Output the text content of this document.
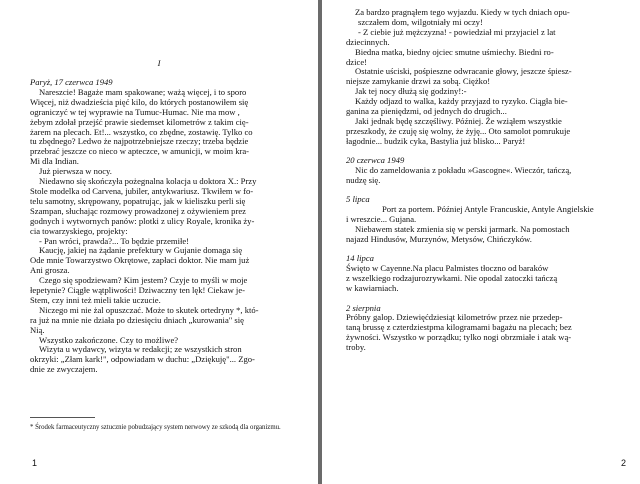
I

Paryż, 17 czerwca 1949

Nareszcie! Bagaże mam spakowane; ważą więcej, i to sporo

Więcej, niż dwadzieścia pięć kilo, do których postanowiłem się

ograniczyć w tej wyprawie na Tumuc-Humac. Nie ma mow ,

żebym zdołał przejść prawie siedemset kilometrów z takim cię-

żarem na plecach. Et!... wszystko, co zbędne, zostawię. Tylko co

tu zbędnego? Ledwo że najpotrzebniejsze rzeczy; trzeba będzie

przebrać jeszcze co nieco w apteczce, w amunicji, w moim kra-

Mi dla Indian.

Już pierwsza w nocy.

Niedawno się skończyła pożegnalna kolacja u doktora X.: Przy

Stole modelka od Carvena, jubiler, antykwariusz. Tkwiłem w fo-

telu samotny, skrępowany, popatrując, jak w kieliszku perli się

Szampan, słuchając rozmowy prowadzonej z ożywieniem prez

godnych i wytwornych panów: plotki z ulicy Royale, kronika ży-

cia towarzyskiego, projekty:

- Pan wróci, prawda?... To będzie przemiłe!

Kaucję, jakiej na żądanie prefektury w Gujanie domaga się

Ode mnie Towarzystwo Okrętowe, zapłaci doktor. Nie mam już

Ani grosza.

Czego się spodziewam? Kim jestem? Czyje to myśli w moje

łepetynie? Ciągłe wątpliwości! Dziwaczny ten lęk! Ciekaw je-

Stem, czy inni też mieli takie uczucie.

Niczego mi nie żal opuszczać. Może to skutek ortedryny *, któ-

ra już na mnie nie działa po dziesięciu dniach „kurowania" się

Nią.

Wszystko zakończone. Czy to możliwe?

Wizyta u wydawcy, wizyta w redakcji; ze wszystkich stron

okrzyki: „Złam kark!", odpowiadam w duchu: „Dziękuję"... Zgo-

dnie ze zwyczajem.

* Środek farmaceutyczny sztucznie pobudzający system nerwowy ze szkodą dla organizmu.
1

Za bardzo pragnąłem tego wyjazdu. Kiedy w tych dniach opu-

szczałem dom, wilgotniały mi oczy!

- Z ciebie już mężczyzna! - powiedział mi przyjaciel z lat

dziecinnych.

Biedna matka, biedny ojciec smutne uśmiechy. Biedni ro-

dzice!

Ostatnie uściski, pośpieszne odwracanie głowy, jeszcze śpiesz-

niejsze zamykanie drzwi za sobą. Ciężko!

Jak tej nocy dłużą się godziny!:-

Każdy odjazd to walka, każdy przyjazd to ryzyko. Ciągła bie-

ganina za pieniędzmi, od jednych do drugich...

Jaki jednak będę szczęśliwy. Później. Że wziąłem wszystkie

przeszkody, że czuję się wolny, że żyję... Oto samolot pomrukuje

łagodnie... budzik cyka, Bastylia już blisko... Paryż!

20 czerwca 1949

Nic do zameldowania z pokładu »Gascogne«. Wieczór, tańczą,

nudzę się.

5 lipca

Port za portem. Później Antyle Francuskie, Antyle Angielskie

i wreszcie... Gujana.

Niebawem statek zmienia się w perski jarmark. Na pomostach

najazd Hindusów, Murzynów, Metysów, Chińczyków.

14 lipca

Święto w Cayenne.Na placu Palmistes tłoczno od baraków

z wszelkiego rodzajurozrywkami. Nie opodal zatoczki tańczą

w kawiarniach.

2 sierpnia

Próbny galop. Dziewięćdziesiąt kilometrów przez nie przedep-

taną brussę z czterdziestpma kilogramami bagażu na plecach; bez

żywności. Wszystko w porządku; tylko nogi obrzmiałe i atak wą-

troby.

2
